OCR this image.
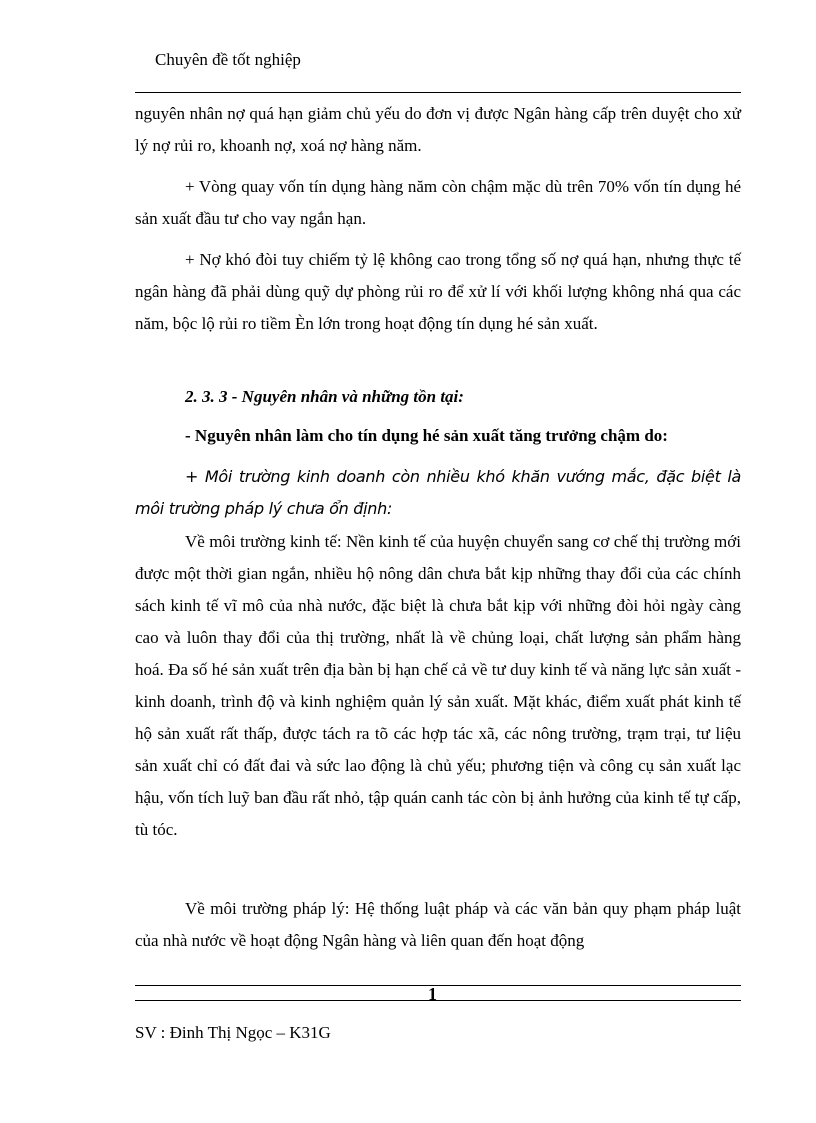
Chuyên đề tốt nghiệp

nguyên nhân nợ quá hạn giảm chủ yếu do đơn vị được Ngân hàng cấp trên duyệt cho xử lý nợ rủi ro, khoanh nợ, xoá nợ hàng năm.

+ Vòng quay vốn tín dụng hàng năm còn chậm mặc dù trên 70% vốn tín dụng hé sản xuất đầu tư cho vay ngắn hạn.

+ Nợ khó đòi tuy chiếm tỷ lệ không cao trong tổng số nợ quá hạn, nhưng thực tế ngân hàng đã phải dùng quỹ dự phòng rủi ro để xử lí với khối lượng không nhá qua các năm, bộc lộ rủi ro tiềm Èn lớn trong hoạt động tín dụng hé sản xuất.

2. 3. 3 - Nguyên nhân và những tồn tại:
- Nguyên nhân làm cho tín dụng hé sản xuất tăng trưởng chậm do:

+ Môi trường kinh doanh còn nhiều khó khăn vướng mắc, đặc biệt là môi trường pháp lý chưa ổn định:

Về môi trường kinh tế: Nền kinh tế của huyện chuyển sang cơ chế thị trường mới được một thời gian ngắn, nhiều hộ nông dân chưa bắt kịp những thay đổi của các chính sách kinh tế vĩ mô của nhà nước, đặc biệt là chưa bắt kịp với những đòi hỏi ngày càng cao và luôn thay đổi của thị trường, nhất là về chủng loại, chất lượng sản phẩm hàng hoá. Đa số hé sản xuất trên địa bàn bị hạn chế cả về tư duy kinh tế và năng lực sản xuất - kinh doanh, trình độ và kinh nghiệm quản lý sản xuất. Mặt khác, điểm xuất phát kinh tế hộ sản xuất rất thấp, được tách ra tõ các hợp tác xã, các nông trường, trạm trại, tư liệu sản xuất chỉ có đất đai và sức lao động là chủ yếu; phương tiện và công cụ sản xuất lạc hậu, vốn tích luỹ ban đầu rất nhỏ, tập quán canh tác còn bị ảnh hưởng của kinh tế tự cấp, tù tóc.

Về môi trường pháp lý: Hệ thống luật pháp và các văn bản quy phạm pháp luật của nhà nước về hoạt động Ngân hàng và liên quan đến hoạt động

1
SV : Đinh Thị Ngọc – K31G
